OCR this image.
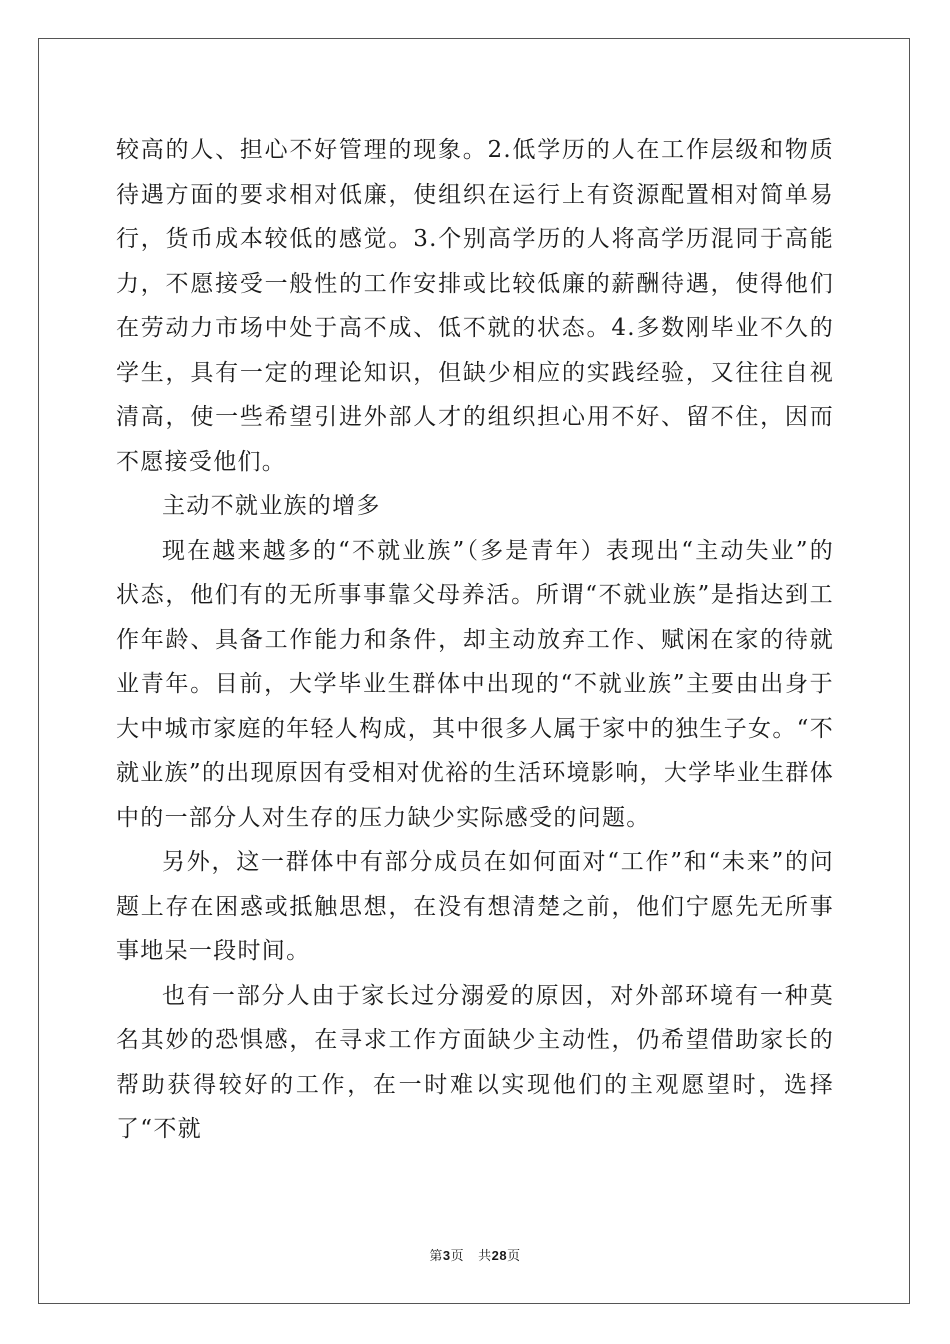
较高的人、担心不好管理的现象。2.低学历的人在工作层级和物质待遇方面的要求相对低廉，使组织在运行上有资源配置相对简单易行，货币成本较低的感觉。3.个别高学历的人将高学历混同于高能力，不愿接受一般性的工作安排或比较低廉的薪酬待遇，使得他们在劳动力市场中处于高不成、低不就的状态。4.多数刚毕业不久的学生，具有一定的理论知识，但缺少相应的实践经验，又往往自视清高，使一些希望引进外部人才的组织担心用不好、留不住，因而不愿接受他们。

主动不就业族的增多

现在越来越多的“不就业族”（多是青年）表现出“主动失业”的状态，他们有的无所事事靠父母养活。所谓“不就业族”是指达到工作年龄、具备工作能力和条件，却主动放弃工作、赋闲在家的待就业青年。目前，大学毕业生群体中出现的“不就业族”主要由出身于大中城市家庭的年轻人构成，其中很多人属于家中的独生子女。“不就业族”的出现原因有受相对优裕的生活环境影响，大学毕业生群体中的一部分人对生存的压力缺少实际感受的问题。

另外，这一群体中有部分成员在如何面对“工作”和“未来”的问题上存在困惑或抵触思想，在没有想清楚之前，他们宁愿先无所事事地呆一段时间。

也有一部分人由于家长过分溺爱的原因，对外部环境有一种莫名其妙的恐惧感，在寻求工作方面缺少主动性，仍希望借助家长的帮助获得较好的工作，在一时难以实现他们的主观愿望时，选择了“不就

第3页 共28页
